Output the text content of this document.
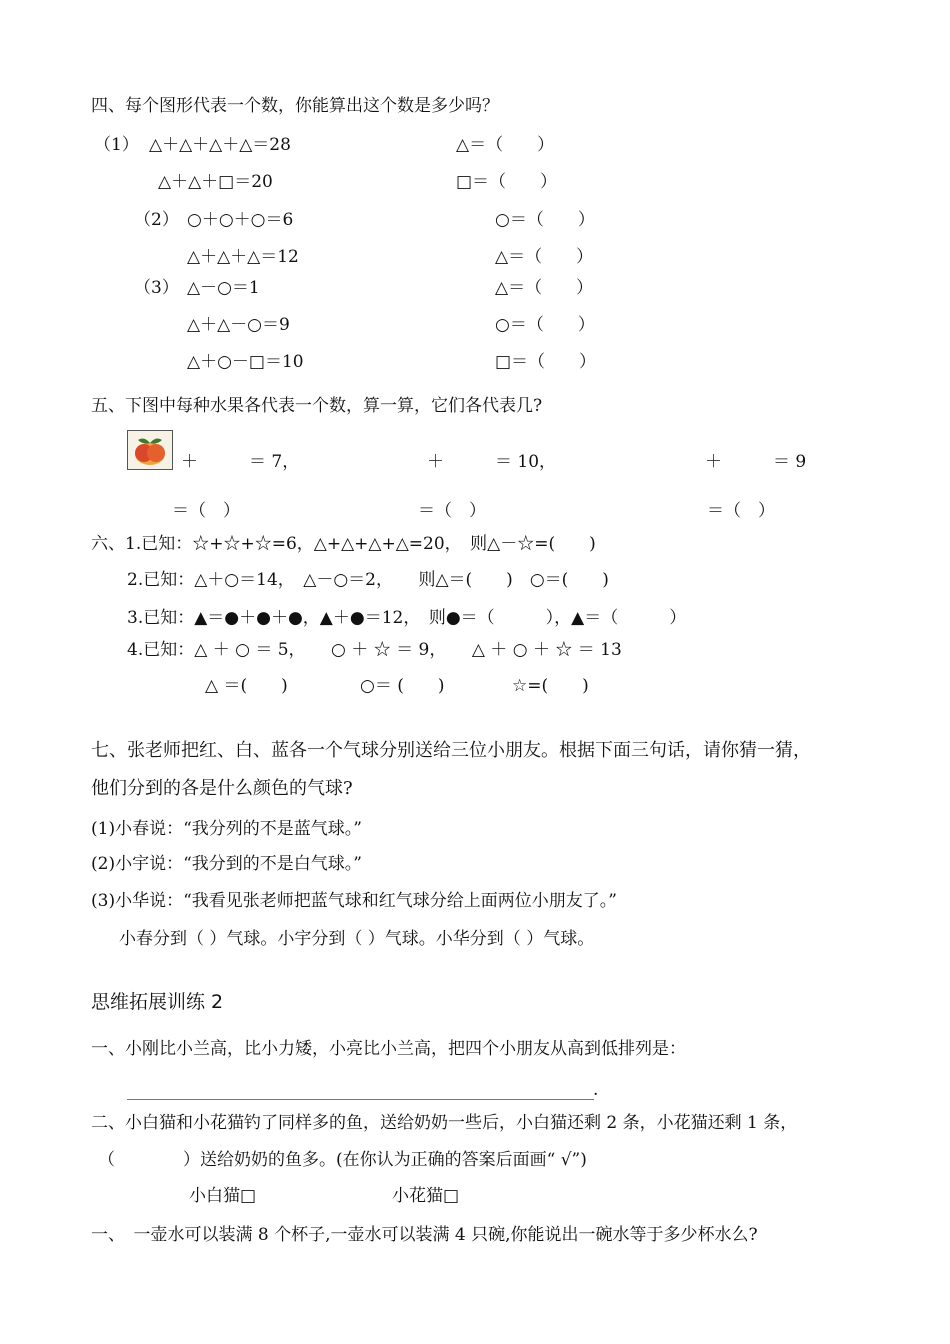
四、每个图形代表一个数，你能算出这个数是多少吗？
（1） △＋△＋△＋△＝28	△＝（　　）
△＋△＋□＝20	□＝（　　）
（2） ○＋○＋○＝6	○＝（　　）
△＋△＋△＝12	△＝（　　）
（3） △－○＝1	△＝（　　）
△＋△－○＝9	○＝（　　）
△＋○－□＝10	□＝（　　）
五、下图中每种水果各代表一个数，算一算，它们各代表几?
＋　　　＝ 7，	＋　　　＝ 10，	＋　　　＝ 9
＝（　）	＝（　）	＝（　）
六、1.已知：☆+☆+☆=6，△+△+△+△=20，　则△－☆=(　　)
2.已知：△＋○＝14，　△－○＝2，　　则△＝(　　)　○＝(　　)
3.已知：▲＝●＋●＋●，▲＋●＝12，　则●＝（　　　），▲＝（　　　）
4.已知：△ ＋ ○ ＝ 5，　　○ ＋ ☆ ＝ 9，　　△ ＋ ○ ＋ ☆ ＝ 13
△ ＝(　　)	○＝ (　　)	☆=(　　)
七、张老师把红、白、蓝各一个气球分别送给三位小朋友。根据下面三句话，请你猜一猜，
他们分到的各是什么颜色的气球?
(1)小春说：“我分列的不是蓝气球。”
(2)小宇说：“我分到的不是白气球。”
(3)小华说：“我看见张老师把蓝气球和红气球分给上面两位小朋友了。”
小春分到（ ）气球。小宇分到（ ）气球。小华分到（ ）气球。
思维拓展训练 2
一、小刚比小兰高，比小力矮，小亮比小兰高，把四个小朋友从高到低排列是：
.
二、小白猫和小花猫钓了同样多的鱼，送给奶奶一些后，小白猫还剩 2 条，小花猫还剩 1 条，
（　　　　）送给奶奶的鱼多。(在你认为正确的答案后面画“ √”)
小白猫□	小花猫□
一、　一壶水可以装满 8 个杯子,一壶水可以装满 4 只碗,你能说出一碗水等于多少杯水么?
